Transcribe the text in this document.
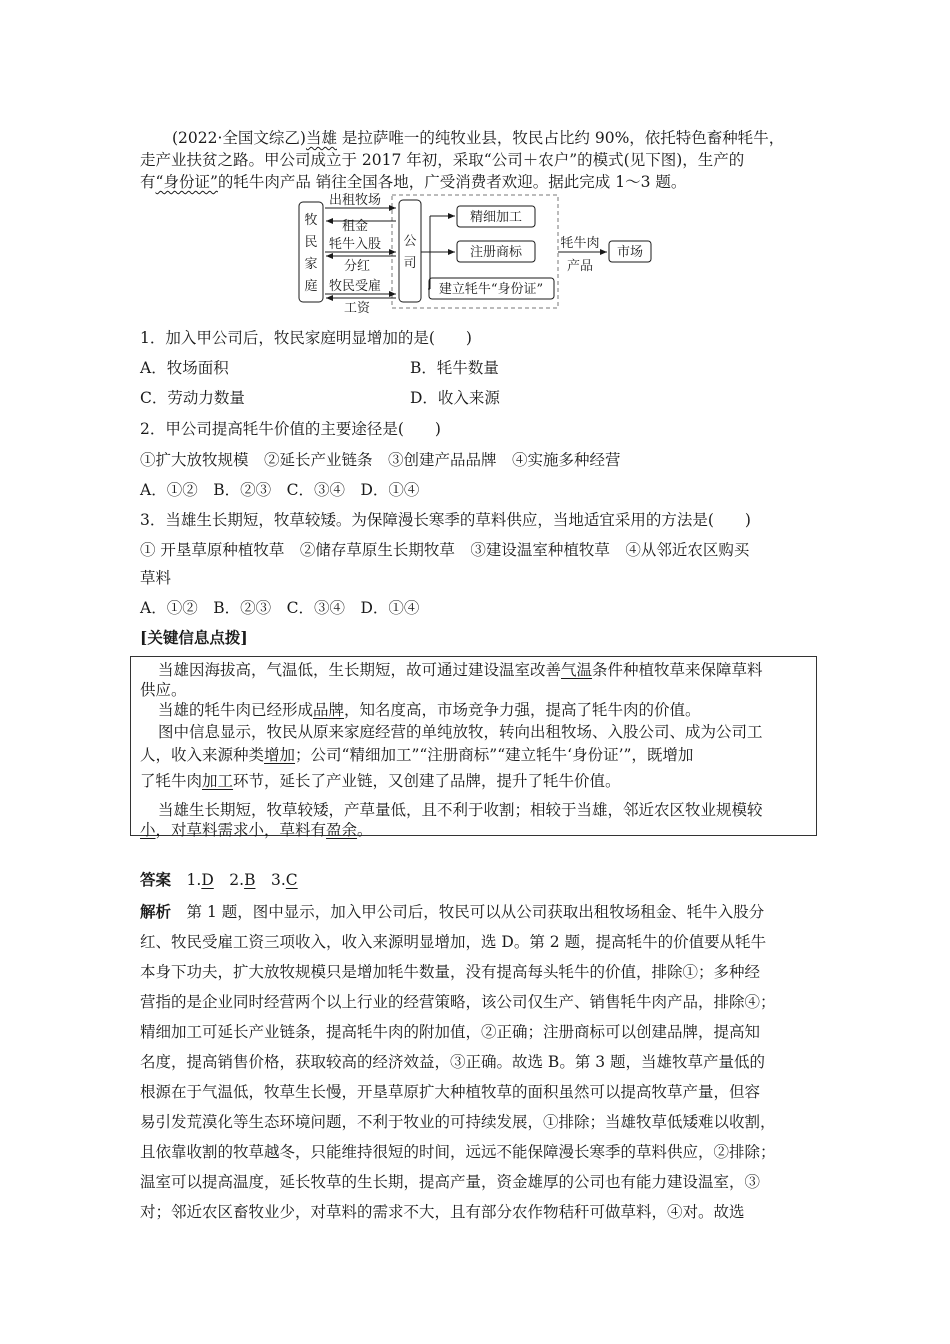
(2022·全国文综乙)当雄 是拉萨唯一的纯牧业县，牧民占比约 90%，依托特色畜种牦牛，
走产业扶贫之路。甲公司成立于 2017 年初，采取“公司＋农户”的模式(见下图)，生产的
有“身份证”的牦牛肉产品 销往全国各地，广受消费者欢迎。据此完成 1～3 题。
牧
民
家
庭
公
司
出租牧场
租金
牦牛入股
分红
牧民受雇
工资
精细加工
注册商标
建立牦牛“身份证”
牦牛肉
产品
市场
1．加入甲公司后，牧民家庭明显增加的是(　　)
A．牧场面积	B．牦牛数量
C．劳动力数量	D．收入来源
2．甲公司提高牦牛价值的主要途径是(　　)
①扩大放牧规模　②延长产业链条　③创建产品品牌　④实施多种经营
A．①②　B．②③　C．③④　D．①④
3．当雄生长期短，牧草较矮。为保障漫长寒季的草料供应，当地适宜采用的方法是(　　)
① 开垦草原种植牧草　②储存草原生长期牧草　③建设温室种植牧草　④从邻近农区购买
草料
A．①②　B．②③　C．③④　D．①④
[关键信息点拨]
当雄因海拔高，气温低，生长期短，故可通过建设温室改善气温条件种植牧草来保障草料
供应。
当雄的牦牛肉已经形成品牌，知名度高，市场竞争力强，提高了牦牛肉的价值。
图中信息显示，牧民从原来家庭经营的单纯放牧，转向出租牧场、入股公司、成为公司工
人，收入来源种类增加；公司“精细加工”“注册商标”“建立牦牛‘身份证’”，既增加
了牦牛肉加工环节，延长了产业链，又创建了品牌，提升了牦牛价值。
当雄生长期短，牧草较矮，产草量低，且不利于收割；相较于当雄，邻近农区牧业规模较
小，对草料需求小，草料有盈余。
答案　 1.D　 2.B　 3.C
解析　 第 1 题，图中显示，加入甲公司后，牧民可以从公司获取出租牧场租金、牦牛入股分
红、牧民受雇工资三项收入，收入来源明显增加，选 D。第 2 题，提高牦牛的价值要从牦牛
本身下功夫，扩大放牧规模只是增加牦牛数量，没有提高每头牦牛的价值，排除①；多种经
营指的是企业同时经营两个以上行业的经营策略，该公司仅生产、销售牦牛肉产品，排除④；
精细加工可延长产业链条，提高牦牛肉的附加值，②正确；注册商标可以创建品牌，提高知
名度，提高销售价格，获取较高的经济效益，③正确。故选 B。第 3 题，当雄牧草产量低的
根源在于气温低，牧草生长慢，开垦草原扩大种植牧草的面积虽然可以提高牧草产量，但容
易引发荒漠化等生态环境问题，不利于牧业的可持续发展，①排除；当雄牧草低矮难以收割，
且依靠收割的牧草越冬，只能维持很短的时间，远远不能保障漫长寒季的草料供应，②排除；
温室可以提高温度，延长牧草的生长期，提高产量，资金雄厚的公司也有能力建设温室，③
对；邻近农区畜牧业少，对草料的需求不大，且有部分农作物秸秆可做草料，④对。故选
